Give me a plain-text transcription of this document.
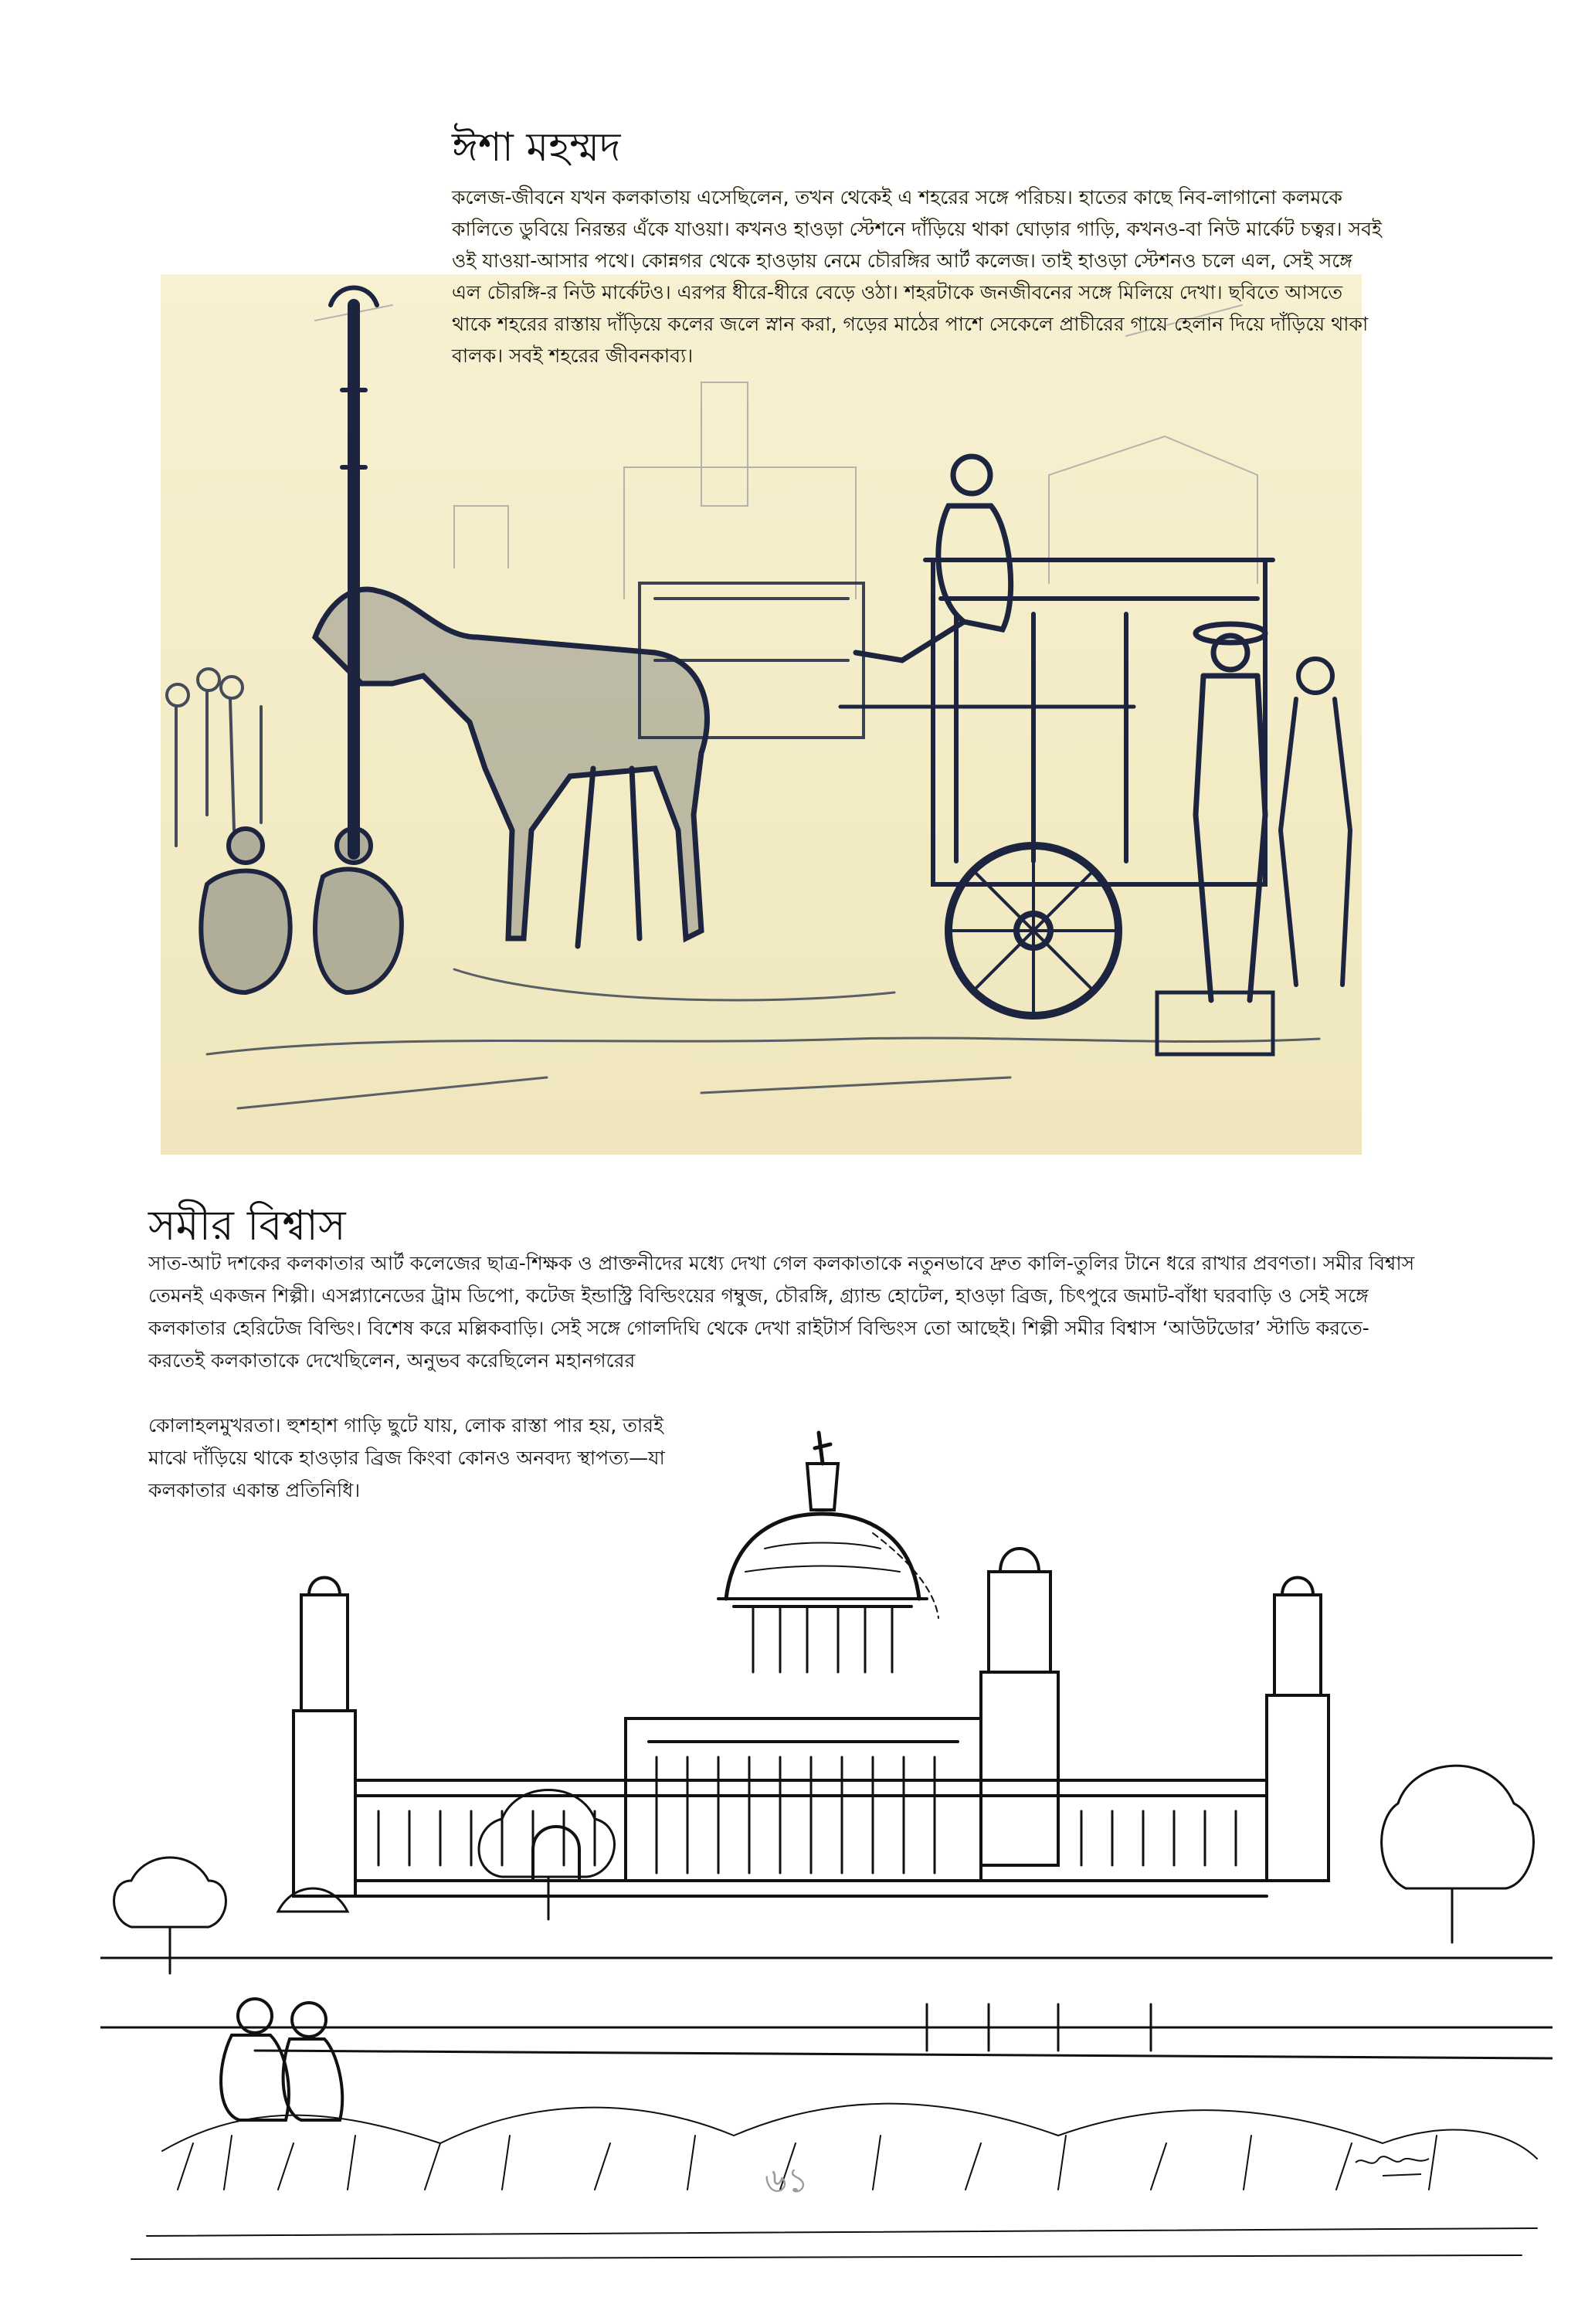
ঈশা মহম্মদ

কলেজ-জীবনে যখন কলকাতায় এসেছিলেন, তখন থেকেই এ শহরের সঙ্গে পরিচয়। হাতের কাছে নিব-লাগানো কলমকে কালিতে ডুবিয়ে নিরন্তর এঁকে যাওয়া। কখনও হাওড়া স্টেশনে দাঁড়িয়ে থাকা ঘোড়ার গাড়ি, কখনও-বা নিউ মার্কেট চত্বর। সবই ওই যাওয়া-আসার পথে। কোন্নগর থেকে হাওড়ায় নেমে চৌরঙ্গির আর্ট কলেজ। তাই হাওড়া স্টেশনও চলে এল, সেই সঙ্গে এল চৌরঙ্গি-র নিউ মার্কেটও। এরপর ধীরে-ধীরে বেড়ে ওঠা। শহরটাকে জনজীবনের সঙ্গে মিলিয়ে দেখা। ছবিতে আসতে থাকে শহরের রাস্তায় দাঁড়িয়ে কলের জলে স্নান করা, গড়ের মাঠের পাশে সেকেলে প্রাচীরের গায়ে হেলান দিয়ে দাঁড়িয়ে থাকা বালক। সবই শহরের জীবনকাব্য।

সমীর বিশ্বাস

সাত-আট দশকের কলকাতার আর্ট কলেজের ছাত্র-শিক্ষক ও প্রাক্তনীদের মধ্যে দেখা গেল কলকাতাকে নতুনভাবে দ্রুত কালি-তুলির টানে ধরে রাখার প্রবণতা। সমীর বিশ্বাস তেমনই একজন শিল্পী। এসপ্ল্যানেডের ট্রাম ডিপো, কটেজ ইন্ডাস্ট্রি বিল্ডিংয়ের গম্বুজ, চৌরঙ্গি, গ্র্যান্ড হোটেল, হাওড়া ব্রিজ, চিৎপুরে জমাট-বাঁধা ঘরবাড়ি ও সেই সঙ্গে কলকাতার হেরিটেজ বিল্ডিং। বিশেষ করে মল্লিকবাড়ি। সেই সঙ্গে গোলদিঘি থেকে দেখা রাইটার্স বিল্ডিংস তো আছেই। শিল্পী সমীর বিশ্বাস ‘আউটডোর’ স্টাডি করতে-করতেই কলকাতাকে দেখেছিলেন, অনুভব করেছিলেন মহানগরের

কোলাহলমুখরতা। হুশহাশ গাড়ি ছুটে যায়, লোক রাস্তা পার হয়, তারই মাঝে দাঁড়িয়ে থাকে হাওড়ার ব্রিজ কিংবা কোনও অনবদ্য স্থাপত্য—যা কলকাতার একান্ত প্রতিনিধি।

৬১
